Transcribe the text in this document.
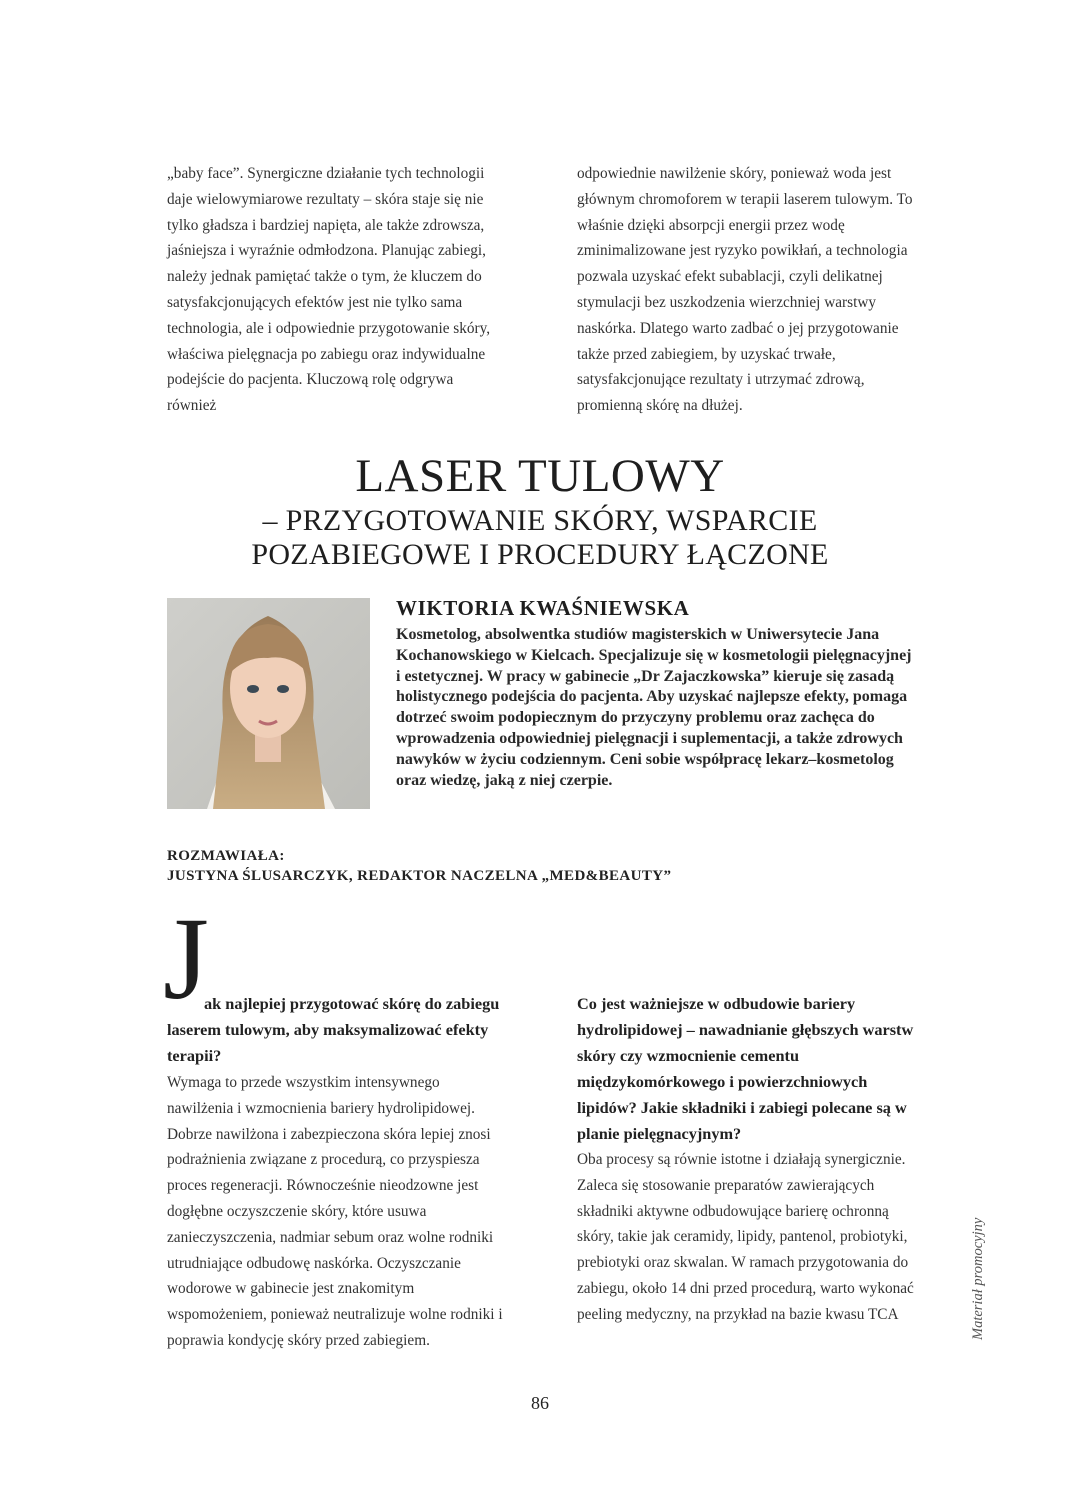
„baby face”. Synergiczne działanie tych technologii daje wielowymiarowe rezultaty – skóra staje się nie tylko gładsza i bardziej napięta, ale także zdrowsza, jaśniejsza i wyraźnie odmłodzona. Planując zabiegi, należy jednak pamiętać także o tym, że kluczem do satysfakcjonujących efektów jest nie tylko sama technologia, ale i odpowiednie przygotowanie skóry, właściwa pielęgnacja po zabiegu oraz indywidualne podejście do pacjenta. Kluczową rolę odgrywa również
odpowiednie nawilżenie skóry, ponieważ woda jest głównym chromoforem w terapii laserem tulowym. To właśnie dzięki absorpcji energii przez wodę zminimalizowane jest ryzyko powikłań, a technologia pozwala uzyskać efekt subablacji, czyli delikatnej stymulacji bez uszkodzenia wierzchniej warstwy naskórka. Dlatego warto zadbać o jej przygotowanie także przed zabiegiem, by uzyskać trwałe, satysfakcjonujące rezultaty i utrzymać zdrową, promienną skórę na dłużej.
LASER TULOWY
– PRZYGOTOWANIE SKÓRY, WSPARCIE
POZABIEGOWE I PROCEDURY ŁĄCZONE
WIKTORIA KWAŚNIEWSKA
Kosmetolog, absolwentka studiów magisterskich w Uniwersytecie Jana Kochanowskiego w Kielcach. Specjalizuje się w kosmetologii pielęgnacyjnej i estetycznej. W pracy w gabinecie „Dr Zajaczkowska” kieruje się zasadą holistycznego podejścia do pacjenta. Aby uzyskać najlepsze efekty, pomaga dotrzeć swoim podopiecznym do przyczyny problemu oraz zachęca do wprowadzenia odpowiedniej pielęgnacji i suplementacji, a także zdrowych nawyków w życiu codziennym. Ceni sobie współpracę lekarz–kosmetolog oraz wiedzę, jaką z niej czerpie.
ROZMAWIAŁA:
JUSTYNA ŚLUSARCZYK, REDAKTOR NACZELNA „MED&BEAUTY”
J
ak najlepiej przygotować skórę do zabiegu laserem tulowym, aby maksymalizować efekty terapii?
Wymaga to przede wszystkim intensywnego nawilżenia i wzmocnienia bariery hydrolipidowej. Dobrze nawilżona i zabezpieczona skóra lepiej znosi podrażnienia związane z procedurą, co przyspiesza proces regeneracji. Równocześnie nieodzowne jest dogłębne oczyszczenie skóry, które usuwa zanieczyszczenia, nadmiar sebum oraz wolne rodniki utrudniające odbudowę naskórka. Oczyszczanie wodorowe w gabinecie jest znakomitym wspomożeniem, ponieważ neutralizuje wolne rodniki i poprawia kondycję skóry przed zabiegiem.
Co jest ważniejsze w odbudowie bariery hydrolipidowej – nawadnianie głębszych warstw skóry czy wzmocnienie cementu międzykomórkowego i powierzchniowych lipidów? Jakie składniki i zabiegi polecane są w planie pielęgnacyjnym?
Oba procesy są równie istotne i działają synergicznie. Zaleca się stosowanie preparatów zawierających składniki aktywne odbudowujące barierę ochronną skóry, takie jak ceramidy, lipidy, pantenol, probiotyki, prebiotyki oraz skwalan. W ramach przygotowania do zabiegu, około 14 dni przed procedurą, warto wykonać peeling medyczny, na przykład na bazie kwasu TCA	Materiał promocyjny
86
